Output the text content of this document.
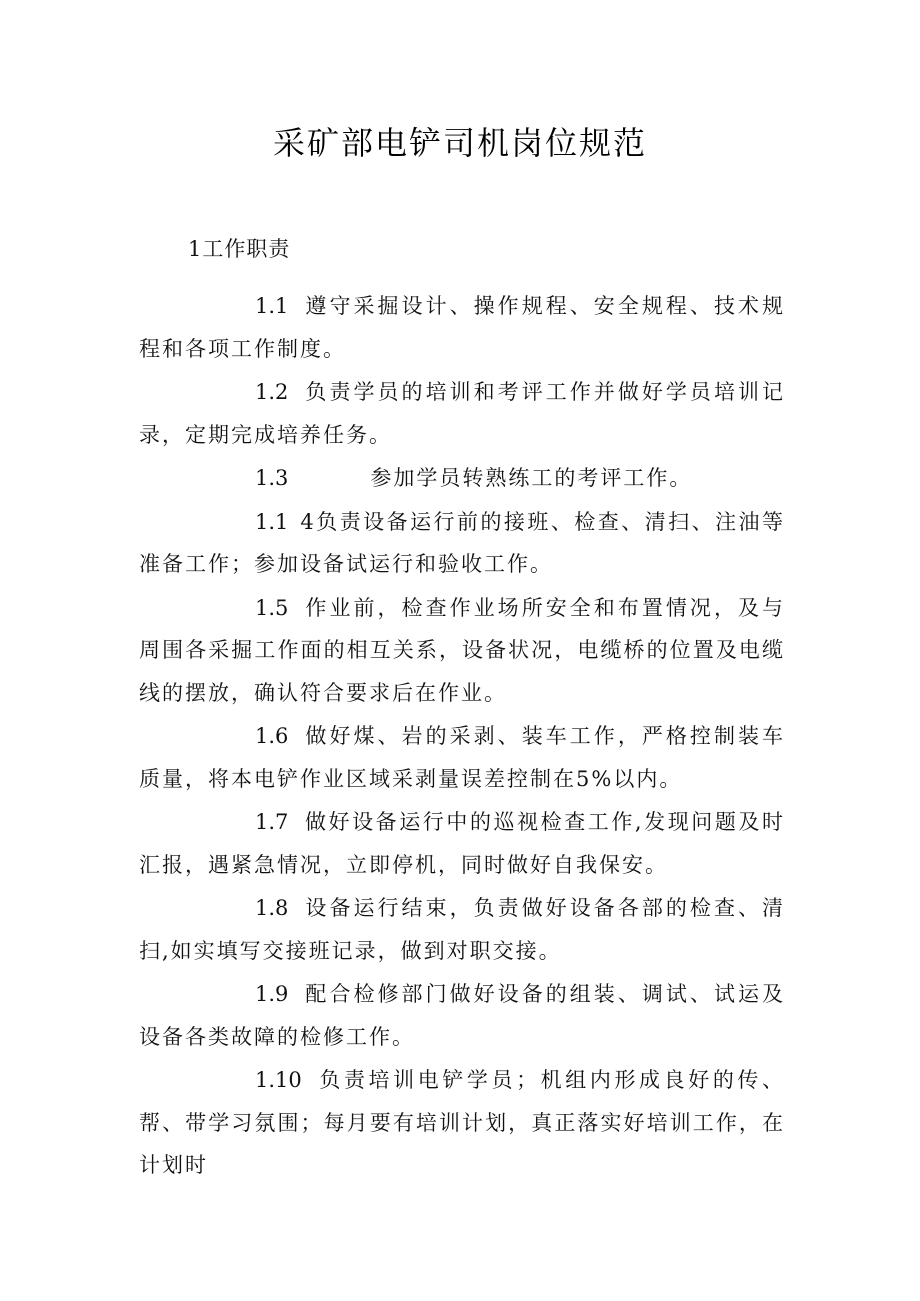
采矿部电铲司机岗位规范

1工作职责

1.1 遵守采掘设计、操作规程、安全规程、技术规程和各项工作制度。

1.2 负责学员的培训和考评工作并做好学员培训记录，定期完成培养任务。

1.3	参加学员转熟练工的考评工作。

1.1 4负责设备运行前的接班、检查、清扫、注油等准备工作；参加设备试运行和验收工作。

1.5 作业前，检查作业场所安全和布置情况，及与周围各采掘工作面的相互关系，设备状况，电缆桥的位置及电缆线的摆放，确认符合要求后在作业。

1.6 做好煤、岩的采剥、装车工作，严格控制装车质量，将本电铲作业区域采剥量误差控制在5%以内。

1.7 做好设备运行中的巡视检查工作,发现问题及时汇报，遇紧急情况，立即停机，同时做好自我保安。

1.8 设备运行结束，负责做好设备各部的检查、清扫,如实填写交接班记录，做到对职交接。

1.9 配合检修部门做好设备的组装、调试、试运及设备各类故障的检修工作。

1.10 负责培训电铲学员；机组内形成良好的传、帮、带学习氛围；每月要有培训计划，真正落实好培训工作，在计划时
